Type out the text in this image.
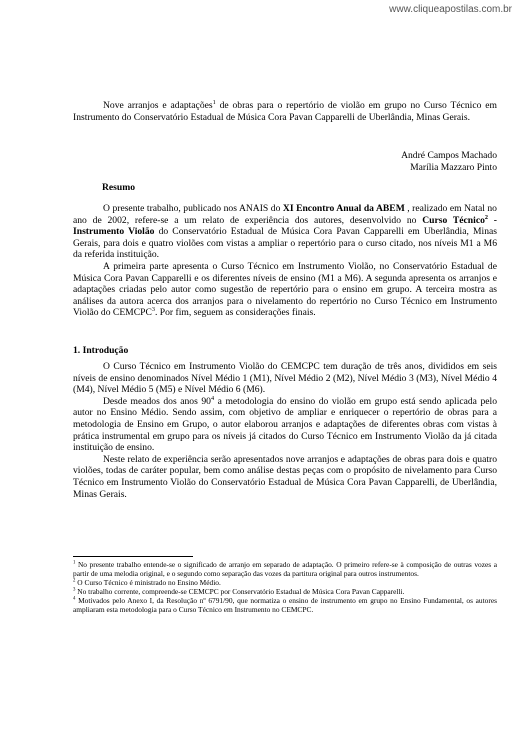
www.cliqueapostilas.com.br
Nove arranjos e adaptações$^1$ de obras para o repertório de violão em grupo no Curso Técnico em Instrumento do Conservatório Estadual de Música Cora Pavan Capparelli de Uberlândia, Minas Gerais.
André Campos Machado
Marília Mazzaro Pinto
Resumo

O presente trabalho, publicado nos ANAIS do XI Encontro Anual da ABEM , realizado em Natal no ano de 2002, refere-se a um relato de experiência dos autores, desenvolvido no Curso Técnico$^2$ - Instrumento Violão do Conservatório Estadual de Música Cora Pavan Capparelli em Uberlândia, Minas Gerais, para dois e quatro violões com vistas a ampliar o repertório para o curso citado, nos níveis M1 a M6 da referida instituição.

A primeira parte apresenta o Curso Técnico em Instrumento Violão, no Conservatório Estadual de Música Cora Pavan Capparelli e os diferentes níveis de ensino (M1 a M6). A segunda apresenta os arranjos e adaptações criadas pelo autor como sugestão de repertório para o ensino em grupo. A terceira mostra as análises da autora acerca dos arranjos para o nivelamento do repertório no Curso Técnico em Instrumento Violão do CEMCPC$^3$. Por fim, seguem as considerações finais.

1. Introdução

O Curso Técnico em Instrumento Violão do CEMCPC tem duração de três anos, divididos em seis níveis de ensino denominados Nível Médio 1 (M1), Nível Médio 2 (M2), Nível Médio 3 (M3), Nível Médio 4 (M4), Nível Médio 5 (M5) e Nível Médio 6 (M6).

Desde meados dos anos $90^4$ a metodologia do ensino do violão em grupo está sendo aplicada pelo autor no Ensino Médio. Sendo assim, com objetivo de ampliar e enriquecer o repertório de obras para a metodologia de Ensino em Grupo, o autor elaborou arranjos e adaptações de diferentes obras com vistas à prática instrumental em grupo para os níveis já citados do Curso Técnico em Instrumento Violão da já citada instituição de ensino.

Neste relato de experiência serão apresentados nove arranjos e adaptações de obras para dois e quatro violões, todas de caráter popular, bem como análise destas peças com o propósito de nivelamento para Curso Técnico em Instrumento Violão do Conservatório Estadual de Música Cora Pavan Capparelli, de Uberlândia, Minas Gerais.

$^1$ No presente trabalho entende-se o significado de arranjo em separado de adaptação. O primeiro refere-se à composição de outras vozes a partir de uma melodia original, e o segundo como separação das vozes da partitura original para outros instrumentos.

$^2$ O Curso Técnico é ministrado no Ensino Médio.

$^3$ No trabalho corrente, compreende-se CEMCPC por Conservatório Estadual de Música Cora Pavan Capparelli.

$^4$ Motivados pelo Anexo I, da Resolução nº 6791/90, que normatiza o ensino de instrumento em grupo no Ensino Fundamental, os autores ampliaram esta metodologia para o Curso Técnico em Instrumento no CEMCPC.
